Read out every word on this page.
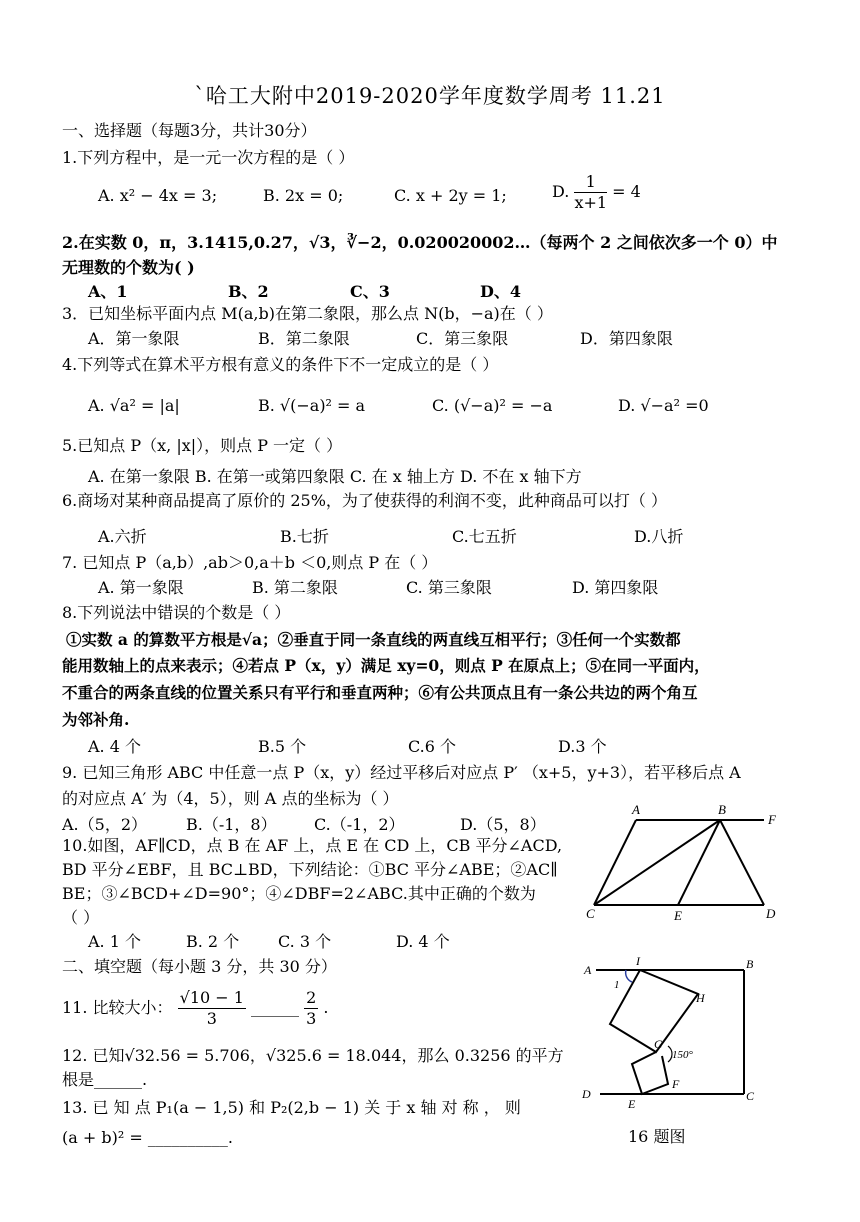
`哈工大附中2019-2020学年度数学周考 11.21
一、选择题（每题3分，共计30分）
1.下列方程中，是一元一次方程的是（ ）
A. x² − 4x = 3;	B. 2x = 0;	C. x + 2y = 1;	D. $\frac{1}{x+1} = 4$
2.在实数 0，π，3.1415,0.27，√3，∛−2，0.020020002…（每两个 2 之间依次多一个 0）中
无理数的个数为( )
A、1	B、2	C、3	D、4
3．已知坐标平面内点 M(a,b)在第二象限，那么点 N(b，−a)在（ ）
A．第一象限	B．第二象限	C．第三象限	D．第四象限
4.下列等式在算术平方根有意义的条件下不一定成立的是（ ）
A. √a² = |a|	B. √(−a)² = a	C. (√−a)² = −a	D. √−a² =0
5.已知点 P（x, |x|），则点 P 一定（ ）
A. 在第一象限 B. 在第一或第四象限 C. 在 x 轴上方 D. 不在 x 轴下方
6.商场对某种商品提高了原价的 25%，为了使获得的利润不变，此种商品可以打（ ）
A.六折	B.七折	C.七五折	D.八折
7. 已知点 P（a,b）,ab＞0,a＋b ＜0,则点 P 在（ ）
A. 第一象限	B. 第二象限	C. 第三象限	D. 第四象限
8.下列说法中错误的个数是（ ）
①实数 a 的算数平方根是√a；②垂直于同一条直线的两直线互相平行；③任何一个实数都
能用数轴上的点来表示；④若点 P（x，y）满足 xy=0，则点 P 在原点上；⑤在同一平面内，
不重合的两条直线的位置关系只有平行和垂直两种；⑥有公共顶点且有一条公共边的两个角互
为邻补角.
A. 4 个	B.5 个	C.6 个	D.3 个
9. 已知三角形 ABC 中任意一点 P（x，y）经过平移后对应点 P′ （x+5，y+3），若平移后点 A
的对应点 A′ 为（4，5），则 A 点的坐标为（ ）
A.（5，2） B.（-1，8） C.（-1，2）	D.（5，8）
10.如图，AF∥CD，点 B 在 AF 上，点 E 在 CD 上，CB 平分∠ACD,
BD 平分∠EBF，且 BC⊥BD，下列结论：①BC 平分∠ABE；②AC∥
BE；③∠BCD+∠D=90°；④∠DBF=2∠ABC.其中正确的个数为
（ ）
A. 1 个	B. 2 个 C. 3 个	D. 4 个
二、填空题（每小题 3 分，共 30 分）
11. 比较大小： $\frac{√10 - 1}{3}$ ______ $\frac{2}{3}$ .
12. 已知√32.56 = 5.706，√325.6 = 18.044，那么 0.3256 的平方
根是______.
13. 已 知 点 P₁(a − 1,5) 和 P₂(2,b − 1) 关 于 x 轴 对 称 ， 则
(a + b)² = __________.
A	B
F
C	E	D
A
I	B
1
H
G
150°
F
D
E
C
16 题图
